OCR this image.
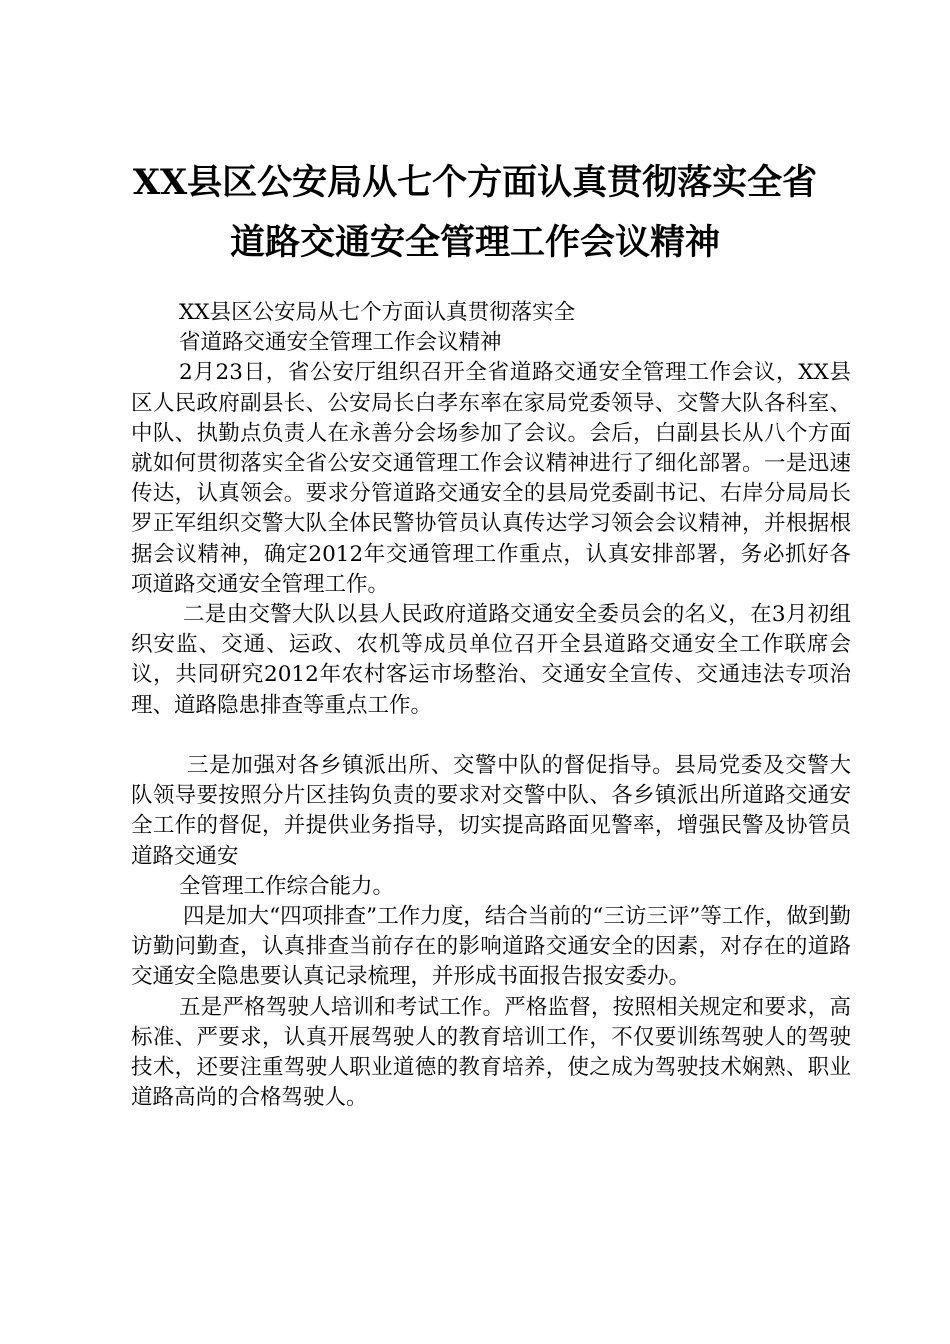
XX县区公安局从七个方面认真贯彻落实全省
道路交通安全管理工作会议精神

XX县区公安局从七个方面认真贯彻落实全

省道路交通安全管理工作会议精神

2月23日，省公安厅组织召开全省道路交通安全管理工作会议，XX县区人民政府副县长、公安局长白孝东率在家局党委领导、交警大队各科室、中队、执勤点负责人在永善分会场参加了会议。会后，白副县长从八个方面就如何贯彻落实全省公安交通管理工作会议精神进行了细化部署。一是迅速传达，认真领会。要求分管道路交通安全的县局党委副书记、右岸分局局长罗正军组织交警大队全体民警协管员认真传达学习领会会议精神，并根据根据会议精神，确定2012年交通管理工作重点，认真安排部署，务必抓好各项道路交通安全管理工作。

二是由交警大队以县人民政府道路交通安全委员会的名义，在3月初组织安监、交通、运政、农机等成员单位召开全县道路交通安全工作联席会议，共同研究2012年农村客运市场整治、交通安全宣传、交通违法专项治理、道路隐患排查等重点工作。

三是加强对各乡镇派出所、交警中队的督促指导。县局党委及交警大队领导要按照分片区挂钩负责的要求对交警中队、各乡镇派出所道路交通安全工作的督促，并提供业务指导，切实提高路面见警率，增强民警及协管员道路交通安

全管理工作综合能力。

四是加大“四项排查”工作力度，结合当前的“三访三评”等工作，做到勤访勤问勤查，认真排查当前存在的影响道路交通安全的因素，对存在的道路交通安全隐患要认真记录梳理，并形成书面报告报安委办。

五是严格驾驶人培训和考试工作。严格监督，按照相关规定和要求，高标准、严要求，认真开展驾驶人的教育培训工作，不仅要训练驾驶人的驾驶技术，还要注重驾驶人职业道德的教育培养，使之成为驾驶技术娴熟、职业道路高尚的合格驾驶人。
